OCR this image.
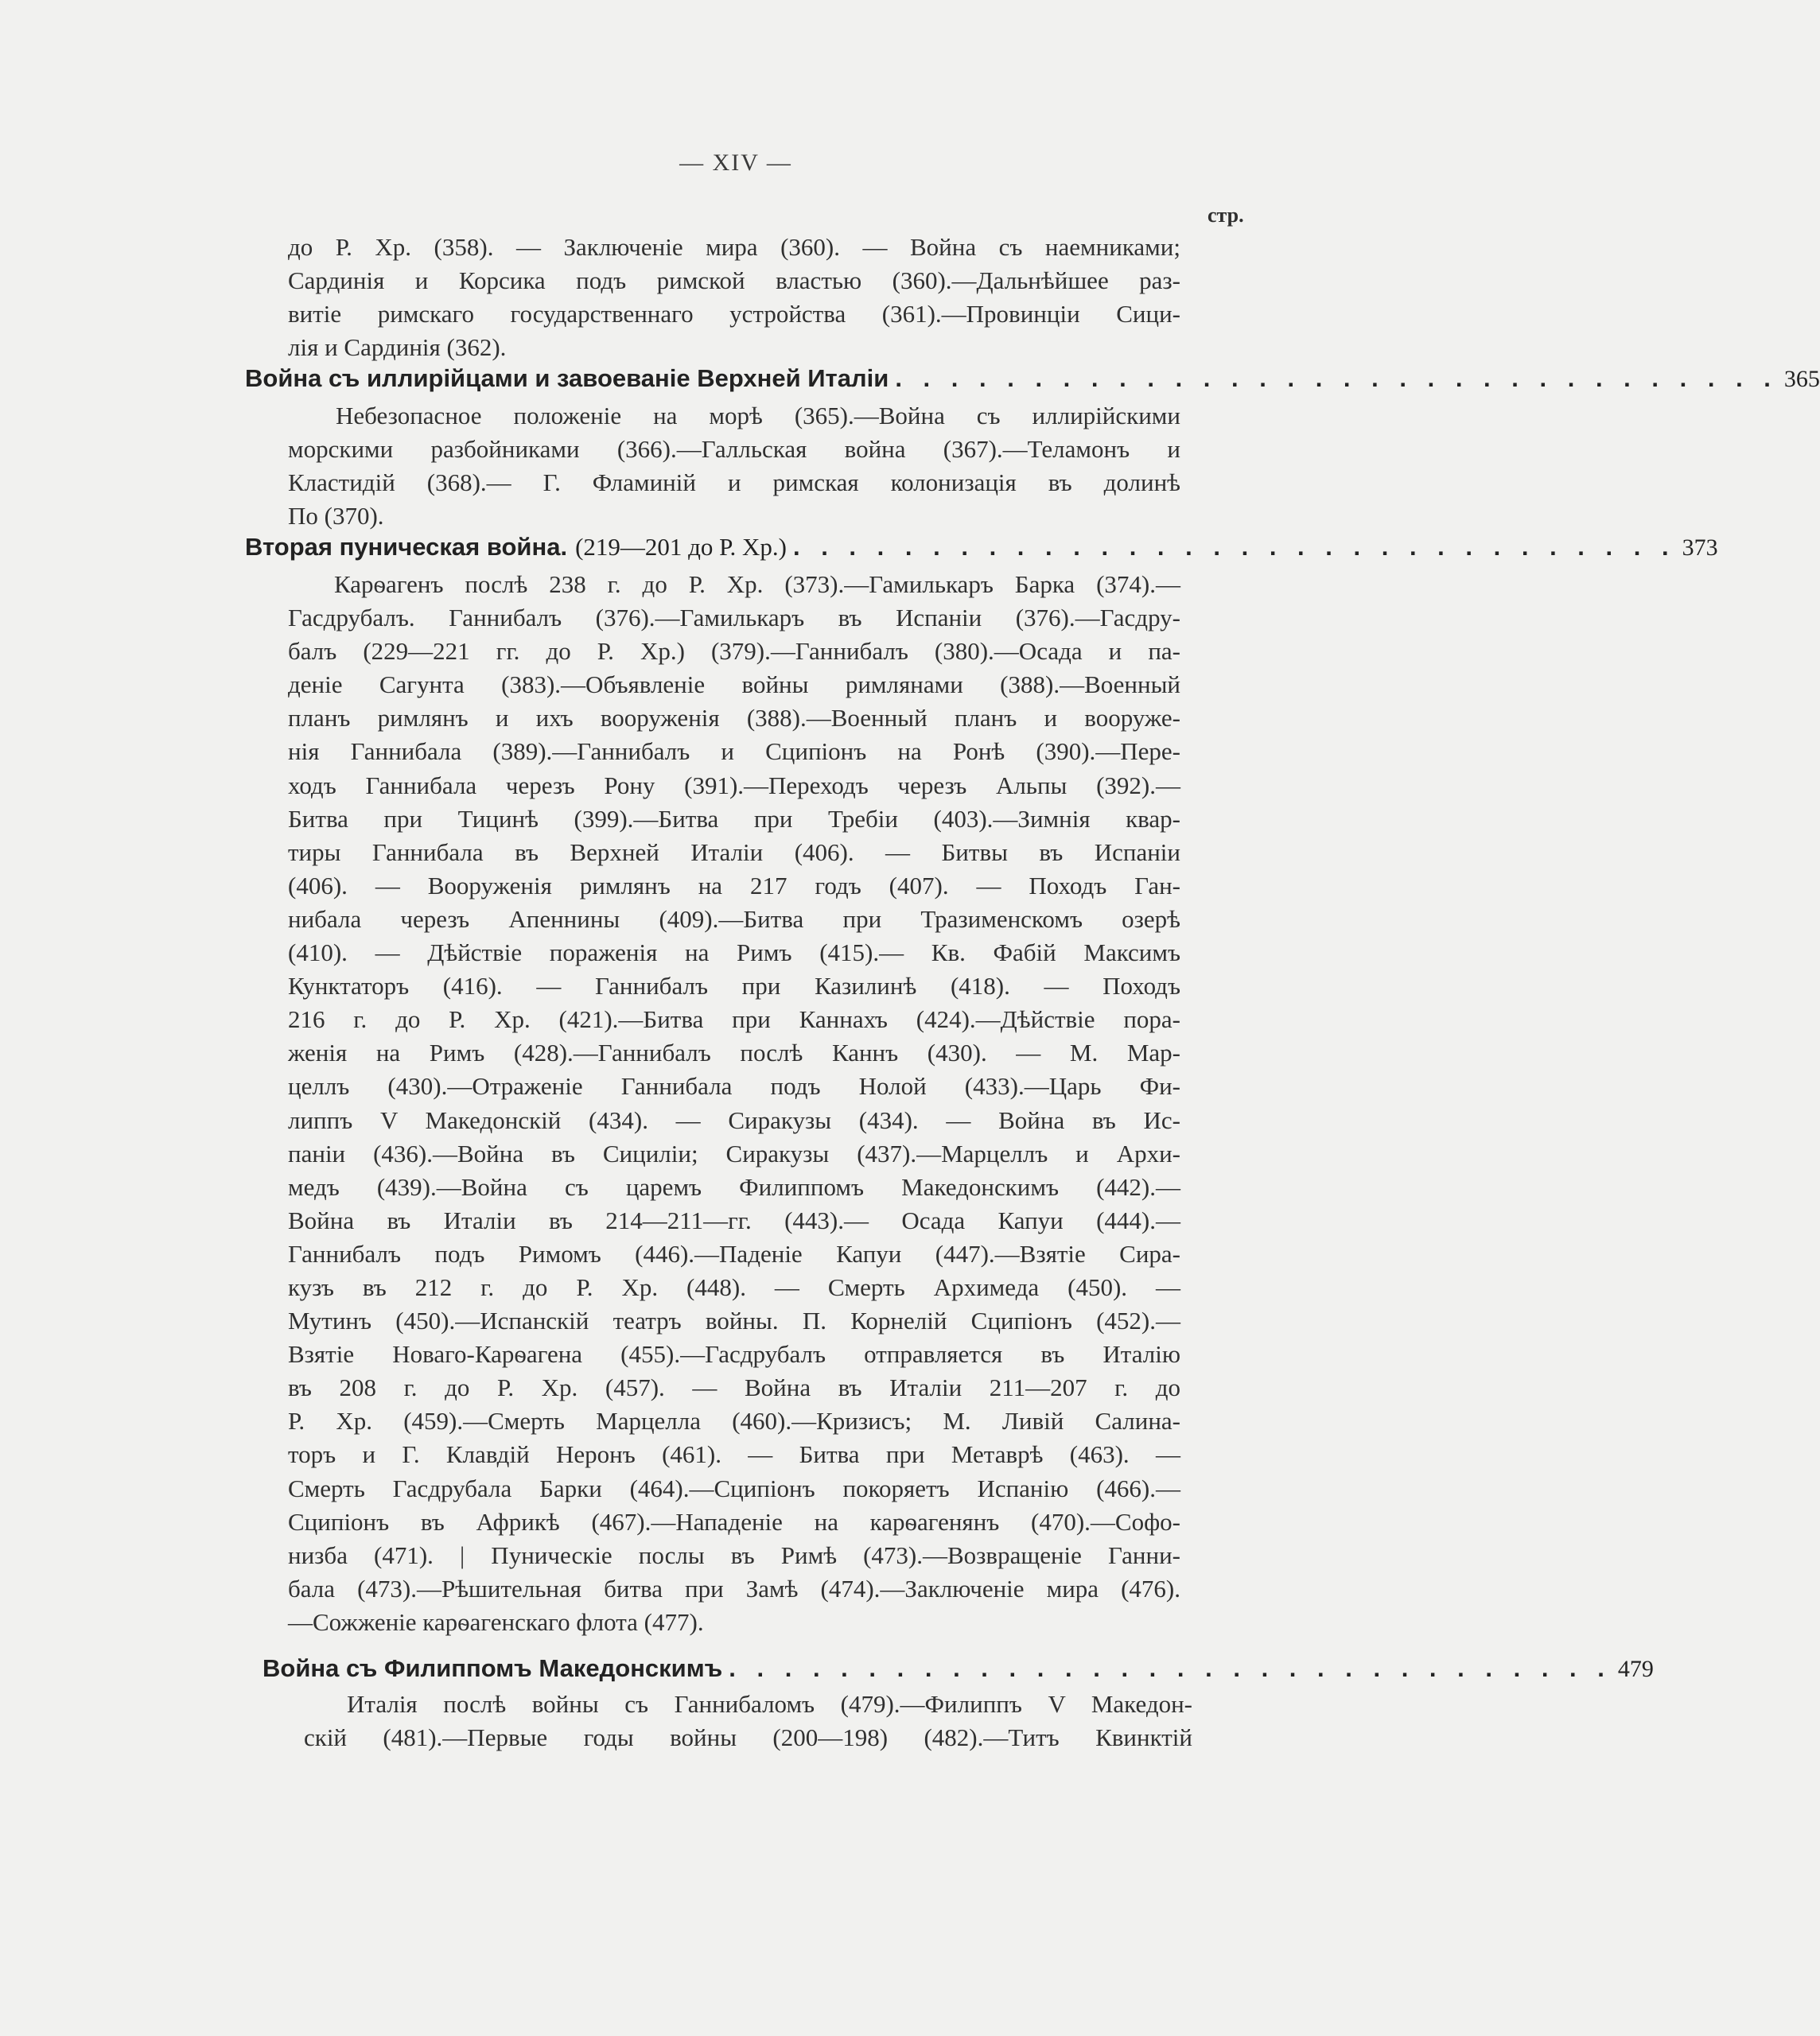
— XIV —
стр.
до Р. Хр. (358). — Заключеніе мира (360). — Война съ наемниками;
Сардинія и Корсика подъ римской властью (360).—Дальнѣйшее раз-
витіе римскаго государственнаго устройства (361).—Провинціи Сици-
лія и Сардинія (362).
Война съ иллирійцами и завоеваніе Верхней Италіи . . . . . . . . . . . . . . . . . . . . . . . . . . . . . . . . 365
Небезопасное положеніе на морѣ (365).—Война съ иллирійскими
морскими разбойниками (366).—Галльская война (367).—Теламонъ и
Кластидій (368).— Г. Фламиній и римская колонизація въ долинѣ
По (370).
Вторая пуническая война. (219—201 до Р. Хр.) . . . . . . . . . . . . . . . . . . . . . . . . . . . . . . . . 373
Карѳагенъ послѣ 238 г. до Р. Хр. (373).—Гамилькаръ Барка (374).—
Гасдрубалъ. Ганнибалъ (376).—Гамилькаръ въ Испаніи (376).—Гасдру-
балъ (229—221 гг. до Р. Хр.) (379).—Ганнибалъ (380).—Осада и па-
деніе Сагунта (383).—Объявленіе войны римлянами (388).—Военный
планъ римлянъ и ихъ вооруженія (388).—Военный планъ и вооруже-
нія Ганнибала (389).—Ганнибалъ и Сципіонъ на Ронѣ (390).—Пере-
ходъ Ганнибала черезъ Рону (391).—Переходъ черезъ Альпы (392).—
Битва при Тицинѣ (399).—Битва при Требіи (403).—Зимнія квар-
тиры Ганнибала въ Верхней Италіи (406). — Битвы въ Испаніи
(406). — Вооруженія римлянъ на 217 годъ (407). — Походъ Ган-
нибала черезъ Апеннины (409).—Битва при Тразименскомъ озерѣ
(410). — Дѣйствіе пораженія на Римъ (415).— Кв. Фабій Максимъ
Кунктаторъ (416). — Ганнибалъ при Казилинѣ (418). — Походъ
216 г. до Р. Хр. (421).—Битва при Каннахъ (424).—Дѣйствіе пора-
женія на Римъ (428).—Ганнибалъ послѣ Каннъ (430). — М. Мар-
целлъ (430).—Отраженіе Ганнибала подъ Нолой (433).—Царь Фи-
липпъ V Македонскій (434). — Сиракузы (434). — Война въ Ис-
паніи (436).—Война въ Сициліи; Сиракузы (437).—Марцеллъ и Архи-
медъ (439).—Война съ царемъ Филиппомъ Македонскимъ (442).—
Война въ Италіи въ 214—211—гг. (443).— Осада Капуи (444).—
Ганнибалъ подъ Римомъ (446).—Паденіе Капуи (447).—Взятіе Сира-
кузъ въ 212 г. до Р. Хр. (448). — Смерть Архимеда (450). —
Мутинъ (450).—Испанскій театръ войны. П. Корнелій Сципіонъ (452).—
Взятіе Новаго-Карѳагена (455).—Гасдрубалъ отправляется въ Италію
въ 208 г. до Р. Хр. (457). — Война въ Италіи 211—207 г. до
Р. Хр. (459).—Смерть Марцелла (460).—Кризисъ; М. Ливій Салина-
торъ и Г. Клавдій Неронъ (461). — Битва при Метаврѣ (463). —
Смерть Гасдрубала Барки (464).—Сципіонъ покоряетъ Испанію (466).—
Сципіонъ въ Африкѣ (467).—Нападеніе на карѳагенянъ (470).—Софо-
низба (471). | Пуническіе послы въ Римѣ (473).—Возвращеніе Ганни-
бала (473).—Рѣшительная битва при Замѣ (474).—Заключеніе мира (476).
—Сожженіе карѳагенскаго флота (477).
Война съ Филиппомъ Македонскимъ . . . . . . . . . . . . . . . . . . . . . . . . . . . . . . . . 479
Италія послѣ войны съ Ганнибаломъ (479).—Филиппъ V Македон-
скій (481).—Первые годы войны (200—198) (482).—Титъ Квинктій
